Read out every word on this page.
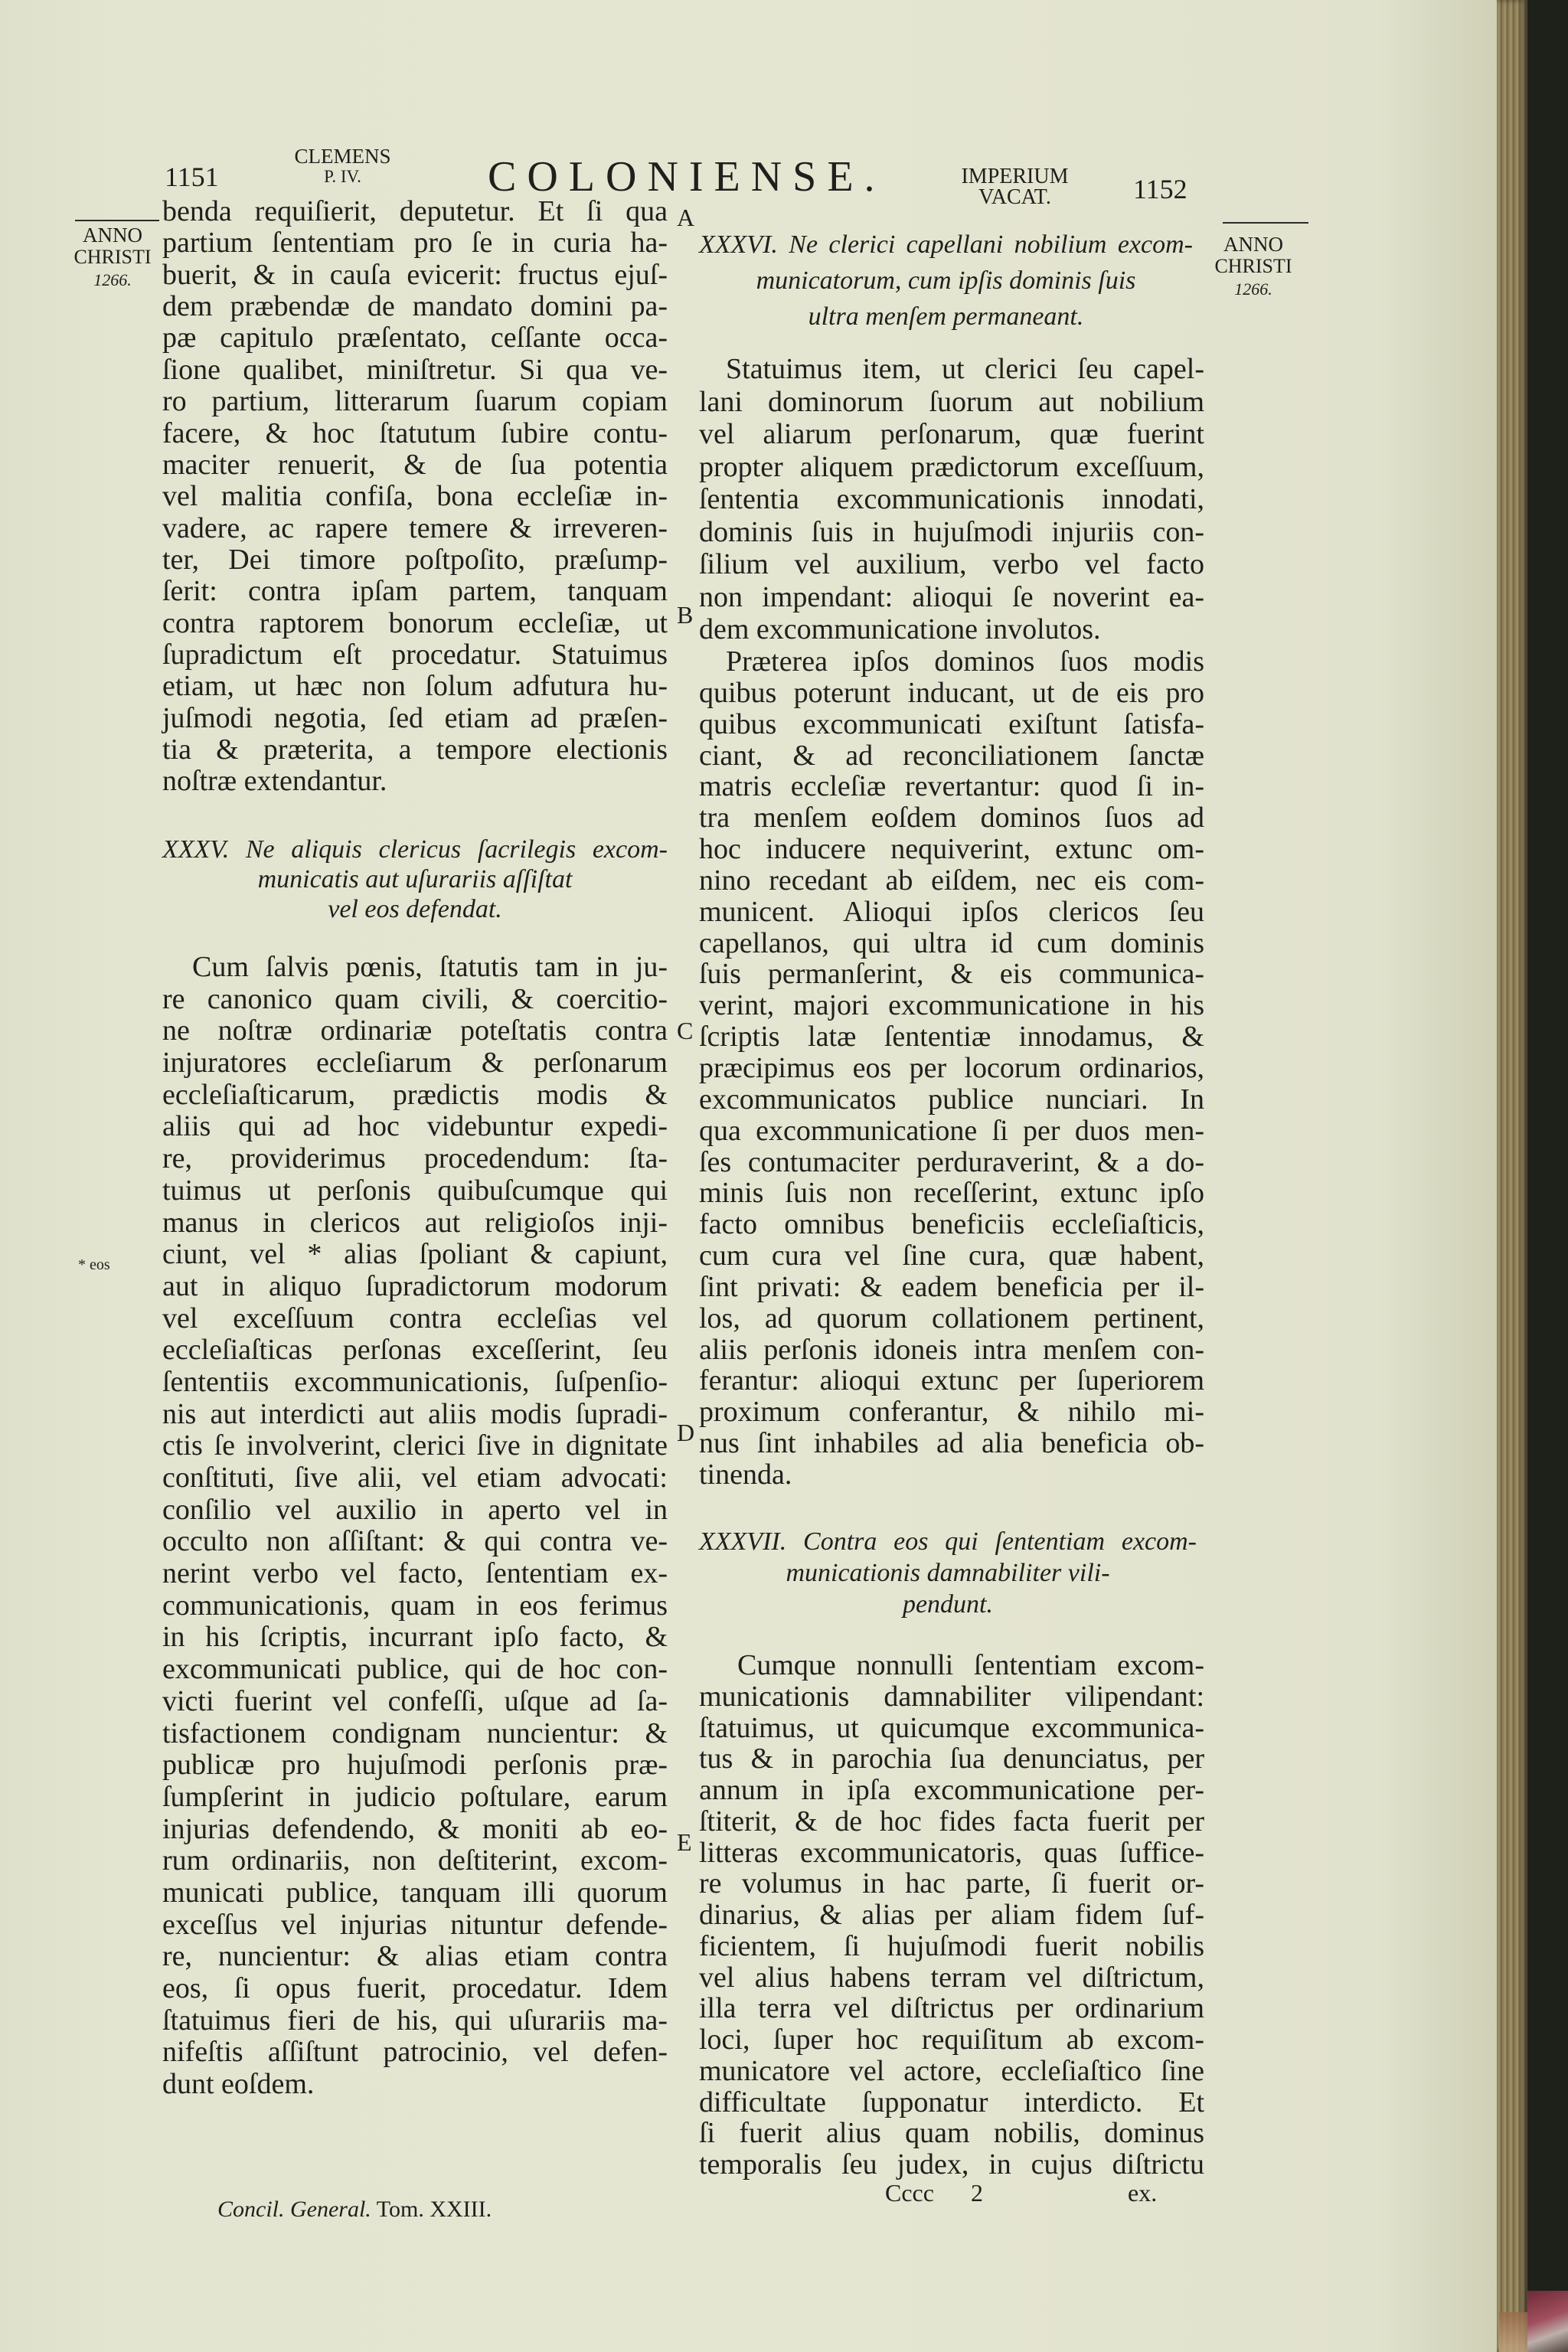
1151
CLEMENS
P. IV.	COLONIENSE.	IMPERIUM
VACAT.	1152
ANNO
CHRISTI
1266.
ANNO
CHRISTI
1266.
A
B
C
D
E
* eos
benda requiſierit, deputetur. Et ſi qua
partium ſententiam pro ſe in curia ha-
buerit, & in cauſa evicerit: fructus ejuſ-
dem præbendæ de mandato domini pa-
pæ capitulo præſentato, ceſſante occa-
ſione qualibet, miniſtretur. Si qua ve-
ro partium, litterarum ſuarum copiam
facere, & hoc ſtatutum ſubire contu-
maciter renuerit, & de ſua potentia
vel malitia confiſa, bona eccleſiæ in-
vadere, ac rapere temere & irreveren-
ter, Dei timore poſtpoſito, præſump-
ſerit: contra ipſam partem, tanquam
contra raptorem bonorum eccleſiæ, ut
ſupradictum eſt procedatur. Statuimus
etiam, ut hæc non ſolum adfutura hu-
juſmodi negotia, ſed etiam ad præſen-
tia & præterita, a tempore electionis
noſtræ extendantur.
XXXV. Ne aliquis clericus ſacrilegis excom-
municatis aut uſurariis aſſiſtat
vel eos defendat.
Cum ſalvis pœnis, ſtatutis tam in ju-
re canonico quam civili, & coercitio-
ne noſtræ ordinariæ poteſtatis contra
injuratores eccleſiarum & perſonarum
eccleſiaſticarum, prædictis modis &
aliis qui ad hoc videbuntur expedi-
re, providerimus procedendum: ſta-
tuimus ut perſonis quibuſcumque qui
manus in clericos aut religioſos inji-
ciunt, vel * alias ſpoliant & capiunt,
aut in aliquo ſupradictorum modorum
vel exceſſuum contra eccleſias vel
eccleſiaſticas perſonas exceſſerint, ſeu
ſententiis excommunicationis, ſuſpenſio-
nis aut interdicti aut aliis modis ſupradi-
ctis ſe involverint, clerici ſive in dignitate
conſtituti, ſive alii, vel etiam advocati:
conſilio vel auxilio in aperto vel in
occulto non aſſiſtant: & qui contra ve-
nerint verbo vel facto, ſententiam ex-
communicationis, quam in eos ferimus
in his ſcriptis, incurrant ipſo facto, &
excommunicati publice, qui de hoc con-
victi fuerint vel confeſſi, uſque ad ſa-
tisfactionem condignam nuncientur: &
publicæ pro hujuſmodi perſonis præ-
ſumpſerint in judicio poſtulare, earum
injurias defendendo, & moniti ab eo-
rum ordinariis, non deſtiterint, excom-
municati publice, tanquam illi quorum
exceſſus vel injurias nituntur defende-
re, nuncientur: & alias etiam contra
eos, ſi opus fuerit, procedatur. Idem
ſtatuimus fieri de his, qui uſurariis ma-
nifeſtis aſſiſtunt patrocinio, vel defen-
dunt eoſdem.
XXXVI. Ne clerici capellani nobilium excom-
municatorum, cum ipſis dominis ſuis
ultra menſem permaneant.
Statuimus item, ut clerici ſeu capel-
lani dominorum ſuorum aut nobilium
vel aliarum perſonarum, quæ fuerint
propter aliquem prædictorum exceſſuum,
ſententia excommunicationis innodati,
dominis ſuis in hujuſmodi injuriis con-
ſilium vel auxilium, verbo vel facto
non impendant: alioqui ſe noverint ea-
dem excommunicatione involutos.
Præterea ipſos dominos ſuos modis
quibus poterunt inducant, ut de eis pro
quibus excommunicati exiſtunt ſatisfa-
ciant, & ad reconciliationem ſanctæ
matris eccleſiæ revertantur: quod ſi in-
tra menſem eoſdem dominos ſuos ad
hoc inducere nequiverint, extunc om-
nino recedant ab eiſdem, nec eis com-
municent. Alioqui ipſos clericos ſeu
capellanos, qui ultra id cum dominis
ſuis permanſerint, & eis communica-
verint, majori excommunicatione in his
ſcriptis latæ ſententiæ innodamus, &
præcipimus eos per locorum ordinarios,
excommunicatos publice nunciari. In
qua excommunicatione ſi per duos men-
ſes contumaciter perduraverint, & a do-
minis ſuis non receſſerint, extunc ipſo
facto omnibus beneficiis eccleſiaſticis,
cum cura vel ſine cura, quæ habent,
ſint privati: & eadem beneficia per il-
los, ad quorum collationem pertinent,
aliis perſonis idoneis intra menſem con-
ferantur: alioqui extunc per ſuperiorem
proximum conferantur, & nihilo mi-
nus ſint inhabiles ad alia beneficia ob-
tinenda.
XXXVII. Contra eos qui ſententiam excom-
municationis damnabiliter vili-
pendunt.
Cumque nonnulli ſententiam excom-
municationis damnabiliter vilipendant:
ſtatuimus, ut quicumque excommunica-
tus & in parochia ſua denunciatus, per
annum in ipſa excommunicatione per-
ſtiterit, & de hoc fides facta fuerit per
litteras excommunicatoris, quas ſuffice-
re volumus in hac parte, ſi fuerit or-
dinarius, & alias per aliam fidem ſuf-
ficientem, ſi hujuſmodi fuerit nobilis
vel alius habens terram vel diſtrictum,
illa terra vel diſtrictus per ordinarium
loci, ſuper hoc requiſitum ab excom-
municatore vel actore, eccleſiaſtico ſine
difficultate ſupponatur interdicto. Et
ſi fuerit alius quam nobilis, dominus
temporalis ſeu judex, in cujus diſtrictu
Concil. General. Tom. XXIII.
Cccc 2	ex.
